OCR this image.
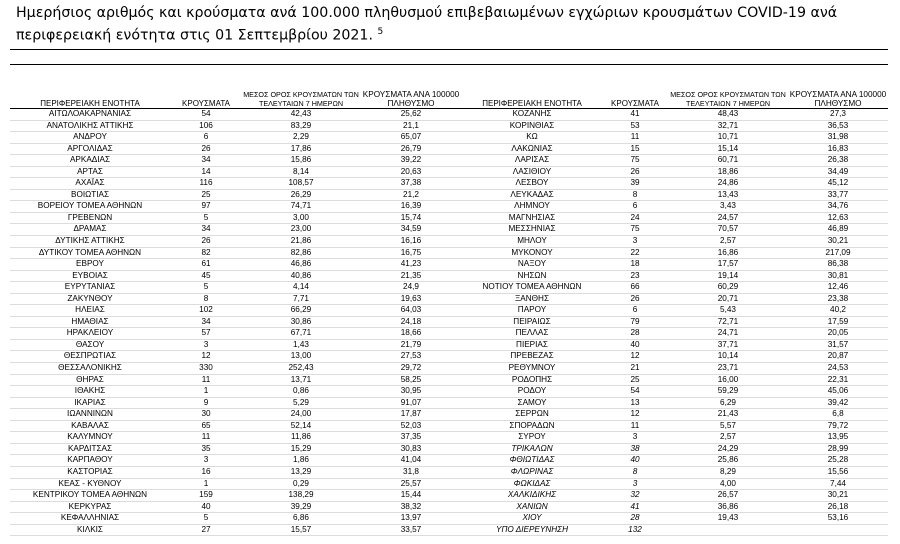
Ημερήσιος αριθμός και κρούσματα ανά 100.000 πληθυσμού επιβεβαιωμένων εγχώριων κρουσμάτων COVID-19 ανά περιφερειακή ενότητα στις 01 Σεπτεμβρίου 2021. $^5$
ΠΕΡΙΦΕΡΕΙΑΚΗ ΕΝΟΤΗΤΑ	ΚΡΟΥΣΜΑΤΑ	ΜΕΣΟΣ ΟΡΟΣ ΚΡΟΥΣΜΑΤΩΝ ΤΩΝ ΤΕΛΕΥΤΑΙΩΝ 7 ΗΜΕΡΩΝ	ΚΡΟΥΣΜΑΤΑ ΑΝΑ 100000 ΠΛΗΘΥΣΜΟ	ΠΕΡΙΦΕΡΕΙΑΚΗ ΕΝΟΤΗΤΑ	ΚΡΟΥΣΜΑΤΑ	ΜΕΣΟΣ ΟΡΟΣ ΚΡΟΥΣΜΑΤΩΝ ΤΩΝ ΤΕΛΕΥΤΑΙΩΝ 7 ΗΜΕΡΩΝ	ΚΡΟΥΣΜΑΤΑ ΑΝΑ 100000 ΠΛΗΘΥΣΜΟ
ΑΙΤΩΛΟΑΚΑΡΝΑΝΙΑΣ	54	42,43	25,62	ΚΟΖΑΝΗΣ	41	48,43	27,3
ΑΝΑΤΟΛΙΚΗΣ ΑΤΤΙΚΗΣ	106	83,29	21,1	ΚΟΡΙΝΘΙΑΣ	53	32,71	36,53
ΑΝΔΡΟΥ	6	2,29	65,07	ΚΩ	11	10,71	31,98
ΑΡΓΟΛΙΔΑΣ	26	17,86	26,79	ΛΑΚΩΝΙΑΣ	15	15,14	16,83
ΑΡΚΑΔΙΑΣ	34	15,86	39,22	ΛΑΡΙΣΑΣ	75	60,71	26,38
ΑΡΤΑΣ	14	8,14	20,63	ΛΑΣΙΘΙΟΥ	26	18,86	34,49
ΑΧΑΪΑΣ	116	108,57	37,38	ΛΕΣΒΟΥ	39	24,86	45,12
ΒΟΙΩΤΙΑΣ	25	26,29	21,2	ΛΕΥΚΑΔΑΣ	8	13,43	33,77
ΒΟΡΕΙΟΥ ΤΟΜΕΑ ΑΘΗΝΩΝ	97	74,71	16,39	ΛΗΜΝΟΥ	6	3,43	34,76
ΓΡΕΒΕΝΩΝ	5	3,00	15,74	ΜΑΓΝΗΣΙΑΣ	24	24,57	12,63
ΔΡΑΜΑΣ	34	23,00	34,59	ΜΕΣΣΗΝΙΑΣ	75	70,57	46,89
ΔΥΤΙΚΗΣ ΑΤΤΙΚΗΣ	26	21,86	16,16	ΜΗΛΟΥ	3	2,57	30,21
ΔΥΤΙΚΟΥ ΤΟΜΕΑ ΑΘΗΝΩΝ	82	82,86	16,75	ΜΥΚΟΝΟΥ	22	16,86	217,09
ΕΒΡΟΥ	61	46,86	41,23	ΝΑΞΟΥ	18	17,57	86,38
ΕΥΒΟΙΑΣ	45	40,86	21,35	ΝΗΣΩΝ	23	19,14	30,81
ΕΥΡΥΤΑΝΙΑΣ	5	4,14	24,9	ΝΟΤΙΟΥ ΤΟΜΕΑ ΑΘΗΝΩΝ	66	60,29	12,46
ΖΑΚΥΝΘΟΥ	8	7,71	19,63	ΞΑΝΘΗΣ	26	20,71	23,38
ΗΛΕΙΑΣ	102	66,29	64,03	ΠΑΡΟΥ	6	5,43	40,2
ΗΜΑΘΙΑΣ	34	30,86	24,18	ΠΕΙΡΑΙΩΣ	79	72,71	17,59
ΗΡΑΚΛΕΙΟΥ	57	67,71	18,66	ΠΕΛΛΑΣ	28	24,71	20,05
ΘΑΣΟΥ	3	1,43	21,79	ΠΙΕΡΙΑΣ	40	37,71	31,57
ΘΕΣΠΡΩΤΙΑΣ	12	13,00	27,53	ΠΡΕΒΕΖΑΣ	12	10,14	20,87
ΘΕΣΣΑΛΟΝΙΚΗΣ	330	252,43	29,72	ΡΕΘΥΜΝΟΥ	21	23,71	24,53
ΘΗΡΑΣ	11	13,71	58,25	ΡΟΔΟΠΗΣ	25	16,00	22,31
ΙΘΑΚΗΣ	1	0,86	30,95	ΡΟΔΟΥ	54	59,29	45,06
ΙΚΑΡΙΑΣ	9	5,29	91,07	ΣΑΜΟΥ	13	6,29	39,42
ΙΩΑΝΝΙΝΩΝ	30	24,00	17,87	ΣΕΡΡΩΝ	12	21,43	6,8
ΚΑΒΑΛΑΣ	65	52,14	52,03	ΣΠΟΡΑΔΩΝ	11	5,57	79,72
ΚΑΛΥΜΝΟΥ	11	11,86	37,35	ΣΥΡΟΥ	3	2,57	13,95
ΚΑΡΔΙΤΣΑΣ	35	15,29	30,83	ΤΡΙΚΑΛΩΝ	38	24,29	28,99
ΚΑΡΠΑΘΟΥ	3	1,86	41,04	ΦΘΙΩΤΙΔΑΣ	40	25,86	25,28
ΚΑΣΤΟΡΙΑΣ	16	13,29	31,8	ΦΛΩΡΙΝΑΣ	8	8,29	15,56
ΚΕΑΣ - ΚΥΘΝΟΥ	1	0,29	25,57	ΦΩΚΙΔΑΣ	3	4,00	7,44
ΚΕΝΤΡΙΚΟΥ ΤΟΜΕΑ ΑΘΗΝΩΝ	159	138,29	15,44	ΧΑΛΚΙΔΙΚΗΣ	32	26,57	30,21
ΚΕΡΚΥΡΑΣ	40	39,29	38,32	ΧΑΝΙΩΝ	41	36,86	26,18
ΚΕΦΑΛΛΗΝΙΑΣ	5	6,86	13,97	ΧΙΟΥ	28	19,43	53,16
ΚΙΛΚΙΣ	27	15,57	33,57	ΥΠΟ ΔΙΕΡΕΥΝΗΣΗ	132		
